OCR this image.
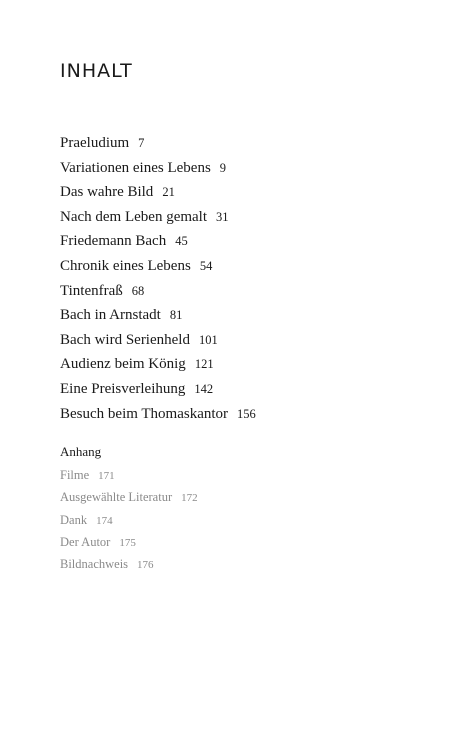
INHALT
Praeludium 7
Variationen eines Lebens 9
Das wahre Bild 21
Nach dem Leben gemalt 31
Friedemann Bach 45
Chronik eines Lebens 54
Tintenfraß 68
Bach in Arnstadt 81
Bach wird Serienheld 101
Audienz beim König 121
Eine Preisverleihung 142
Besuch beim Thomaskantor 156
Anhang
Filme 171
Ausgewählte Literatur 172
Dank 174
Der Autor 175
Bildnachweis 176
